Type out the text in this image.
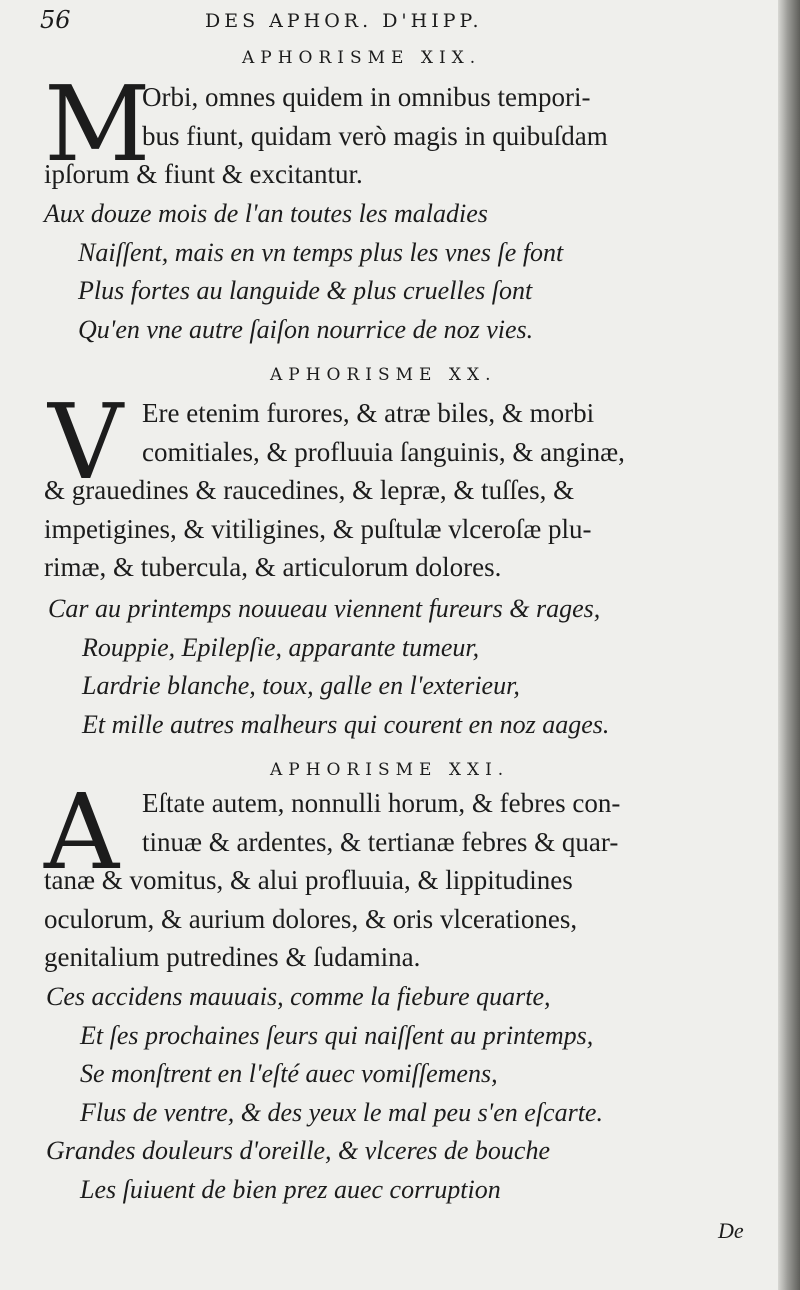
56	DES APHOR. D'HIPP.
APHORISME XIX.
M
Orbi, omnes quidem in omnibus tempori-
bus fiunt, quidam verò magis in quibuſdam
ipſorum & fiunt & excitantur.
Aux douze mois de l'an toutes les maladies
Naiſſent, mais en vn temps plus les vnes ſe font
Plus fortes au languide & plus cruelles ſont
Qu'en vne autre ſaiſon nourrice de noz vies.
APHORISME XX.
V Ere etenim furores, & atræ biles, & morbi
comitiales, & profluuia ſanguinis, & anginæ,
& grauedines & raucedines, & lepræ, & tuſſes, &
impetigines, & vitiligines, & puſtulæ vlceroſæ plu-
rimæ, & tubercula, & articulorum dolores.
Car au printemps nouueau viennent fureurs & rages,
Rouppie, Epilepſie, apparante tumeur,
Lardrie blanche, toux, galle en l'exterieur,
Et mille autres malheurs qui courent en noz aages.
APHORISME XXI.
A Eſtate autem, nonnulli horum, & febres con-
tinuæ & ardentes, & tertianæ febres & quar-
tanæ & vomitus, & alui profluuia, & lippitudines
oculorum, & aurium dolores, & oris vlcerationes,
genitalium putredines & ſudamina.
Ces accidens mauuais, comme la fiebure quarte,
Et ſes prochaines ſeurs qui naiſſent au printemps,
Se monſtrent en l'eſté auec vomiſſemens,
Flus de ventre, & des yeux le mal peu s'en eſcarte.
Grandes douleurs d'oreille, & vlceres de bouche
Les ſuiuent de bien prez auec corruption
De
